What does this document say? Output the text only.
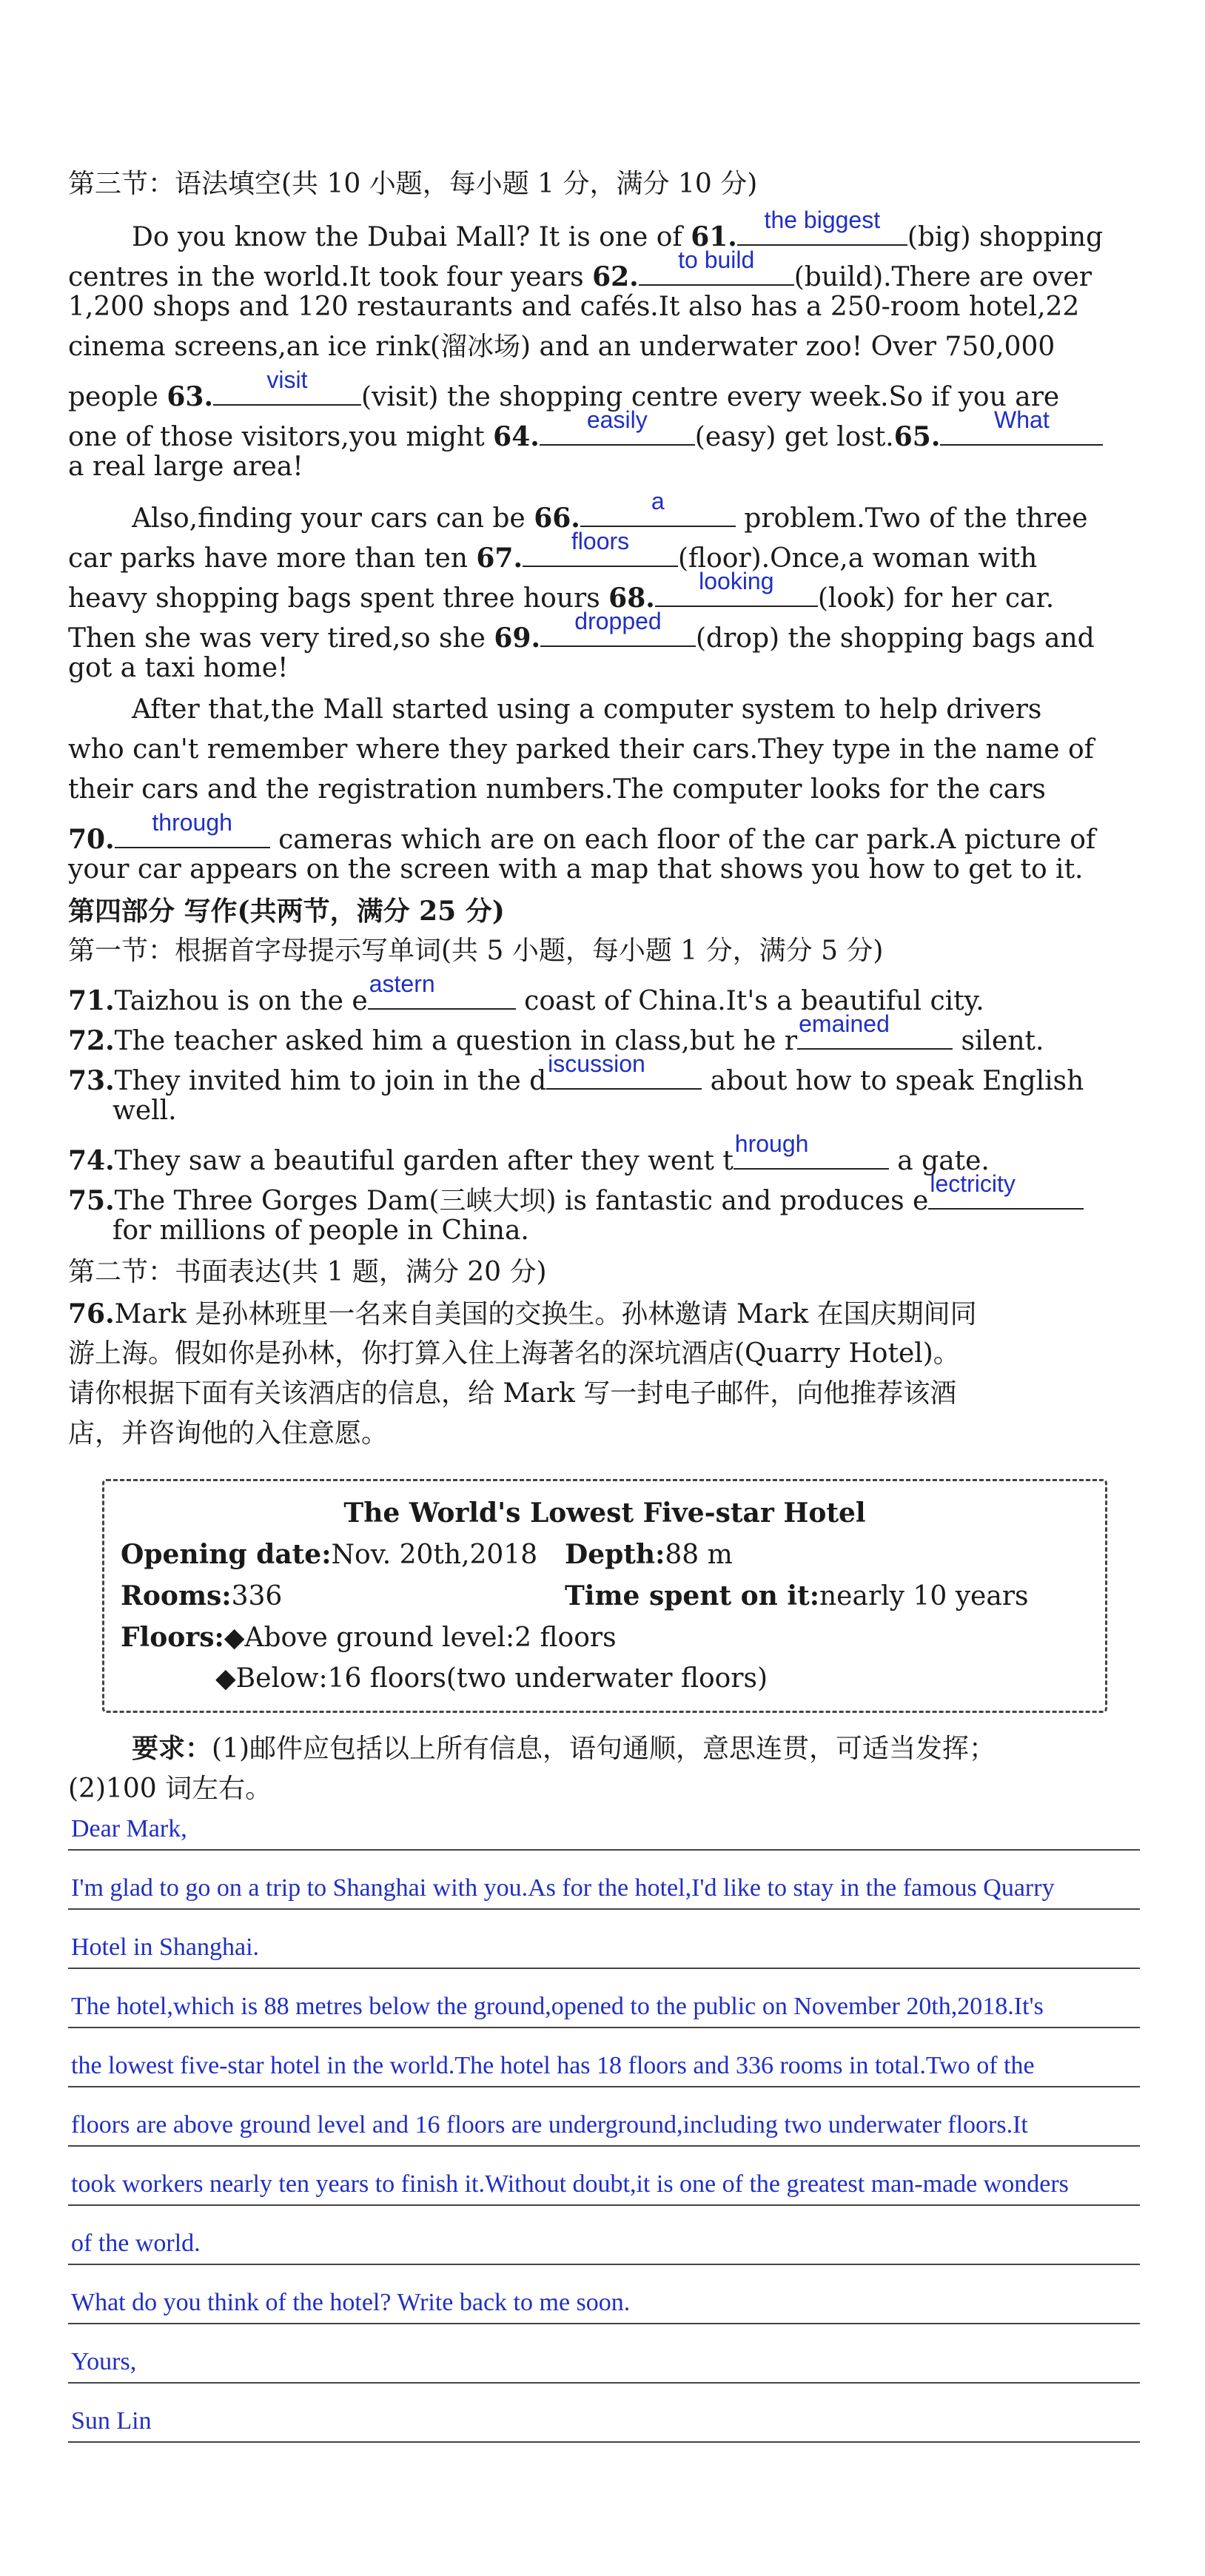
第三节：语法填空(共 10 小题，每小题 1 分，满分 10 分)
Do you know the Dubai Mall? It is one of 61.
the biggest
(big) shopping
centres in the world.It took four years 62.
to build
(build).There are over
1,200 shops and 120 restaurants and cafés.It also has a 250-room hotel,22
cinema screens,an ice rink(溜冰场) and an underwater zoo! Over 750,000
people 63.
visit
(visit) the shopping centre every week.So if you are
one of those visitors,you might 64.
easily
(easy) get lost.65.
What
a real large area!
Also,finding your cars can be 66.
a
problem.Two of the three
car parks have more than ten 67.
floors
(floor).Once,a woman with
heavy shopping bags spent three hours 68.
looking
(look) for her car.
Then she was very tired,so she 69.
dropped
(drop) the shopping bags and
got a taxi home!
After that,the Mall started using a computer system to help drivers
who can't remember where they parked their cars.They type in the name of
their cars and the registration numbers.The computer looks for the cars
70.
through
cameras which are on each floor of the car park.A picture of
your car appears on the screen with a map that shows you how to get to it.
第四部分 写作(共两节，满分 25 分)
第一节：根据首字母提示写单词(共 5 小题，每小题 1 分，满分 5 分)
71.Taizhou is on the e
astern
coast of China.It's a beautiful city.
72.The teacher asked him a question in class,but he r
emained
silent.
73.They invited him to join in the d
iscussion
about how to speak English
well.
74.They saw a beautiful garden after they went t
hrough
a gate.
75.The Three Gorges Dam(三峡大坝) is fantastic and produces e
lectricity
for millions of people in China.
第二节：书面表达(共 1 题，满分 20 分)
76.Mark 是孙林班里一名来自美国的交换生。孙林邀请 Mark 在国庆期间同
游上海。假如你是孙林，你打算入住上海著名的深坑酒店(Quarry Hotel)。
请你根据下面有关该酒店的信息，给 Mark 写一封电子邮件，向他推荐该酒
店，并咨询他的入住意愿。
The World's Lowest Five-star Hotel
Opening date:Nov. 20th,2018 Depth:88 m
Rooms:336	Time spent on it:nearly 10 years
Floors:◆Above ground level:2 floors
◆Below:16 floors(two underwater floors)
要求：(1)邮件应包括以上所有信息，语句通顺，意思连贯，可适当发挥；
(2)100 词左右。
Dear Mark,
I'm glad to go on a trip to Shanghai with you.As for the hotel,I'd like to stay in the famous Quarry
Hotel in Shanghai.
The hotel,which is 88 metres below the ground,opened to the public on November 20th,2018.It's
the lowest five-star hotel in the world.The hotel has 18 floors and 336 rooms in total.Two of the
floors are above ground level and 16 floors are underground,including two underwater floors.It
took workers nearly ten years to finish it.Without doubt,it is one of the greatest man-made wonders
of the world.
What do you think of the hotel? Write back to me soon.
Yours,
Sun Lin
